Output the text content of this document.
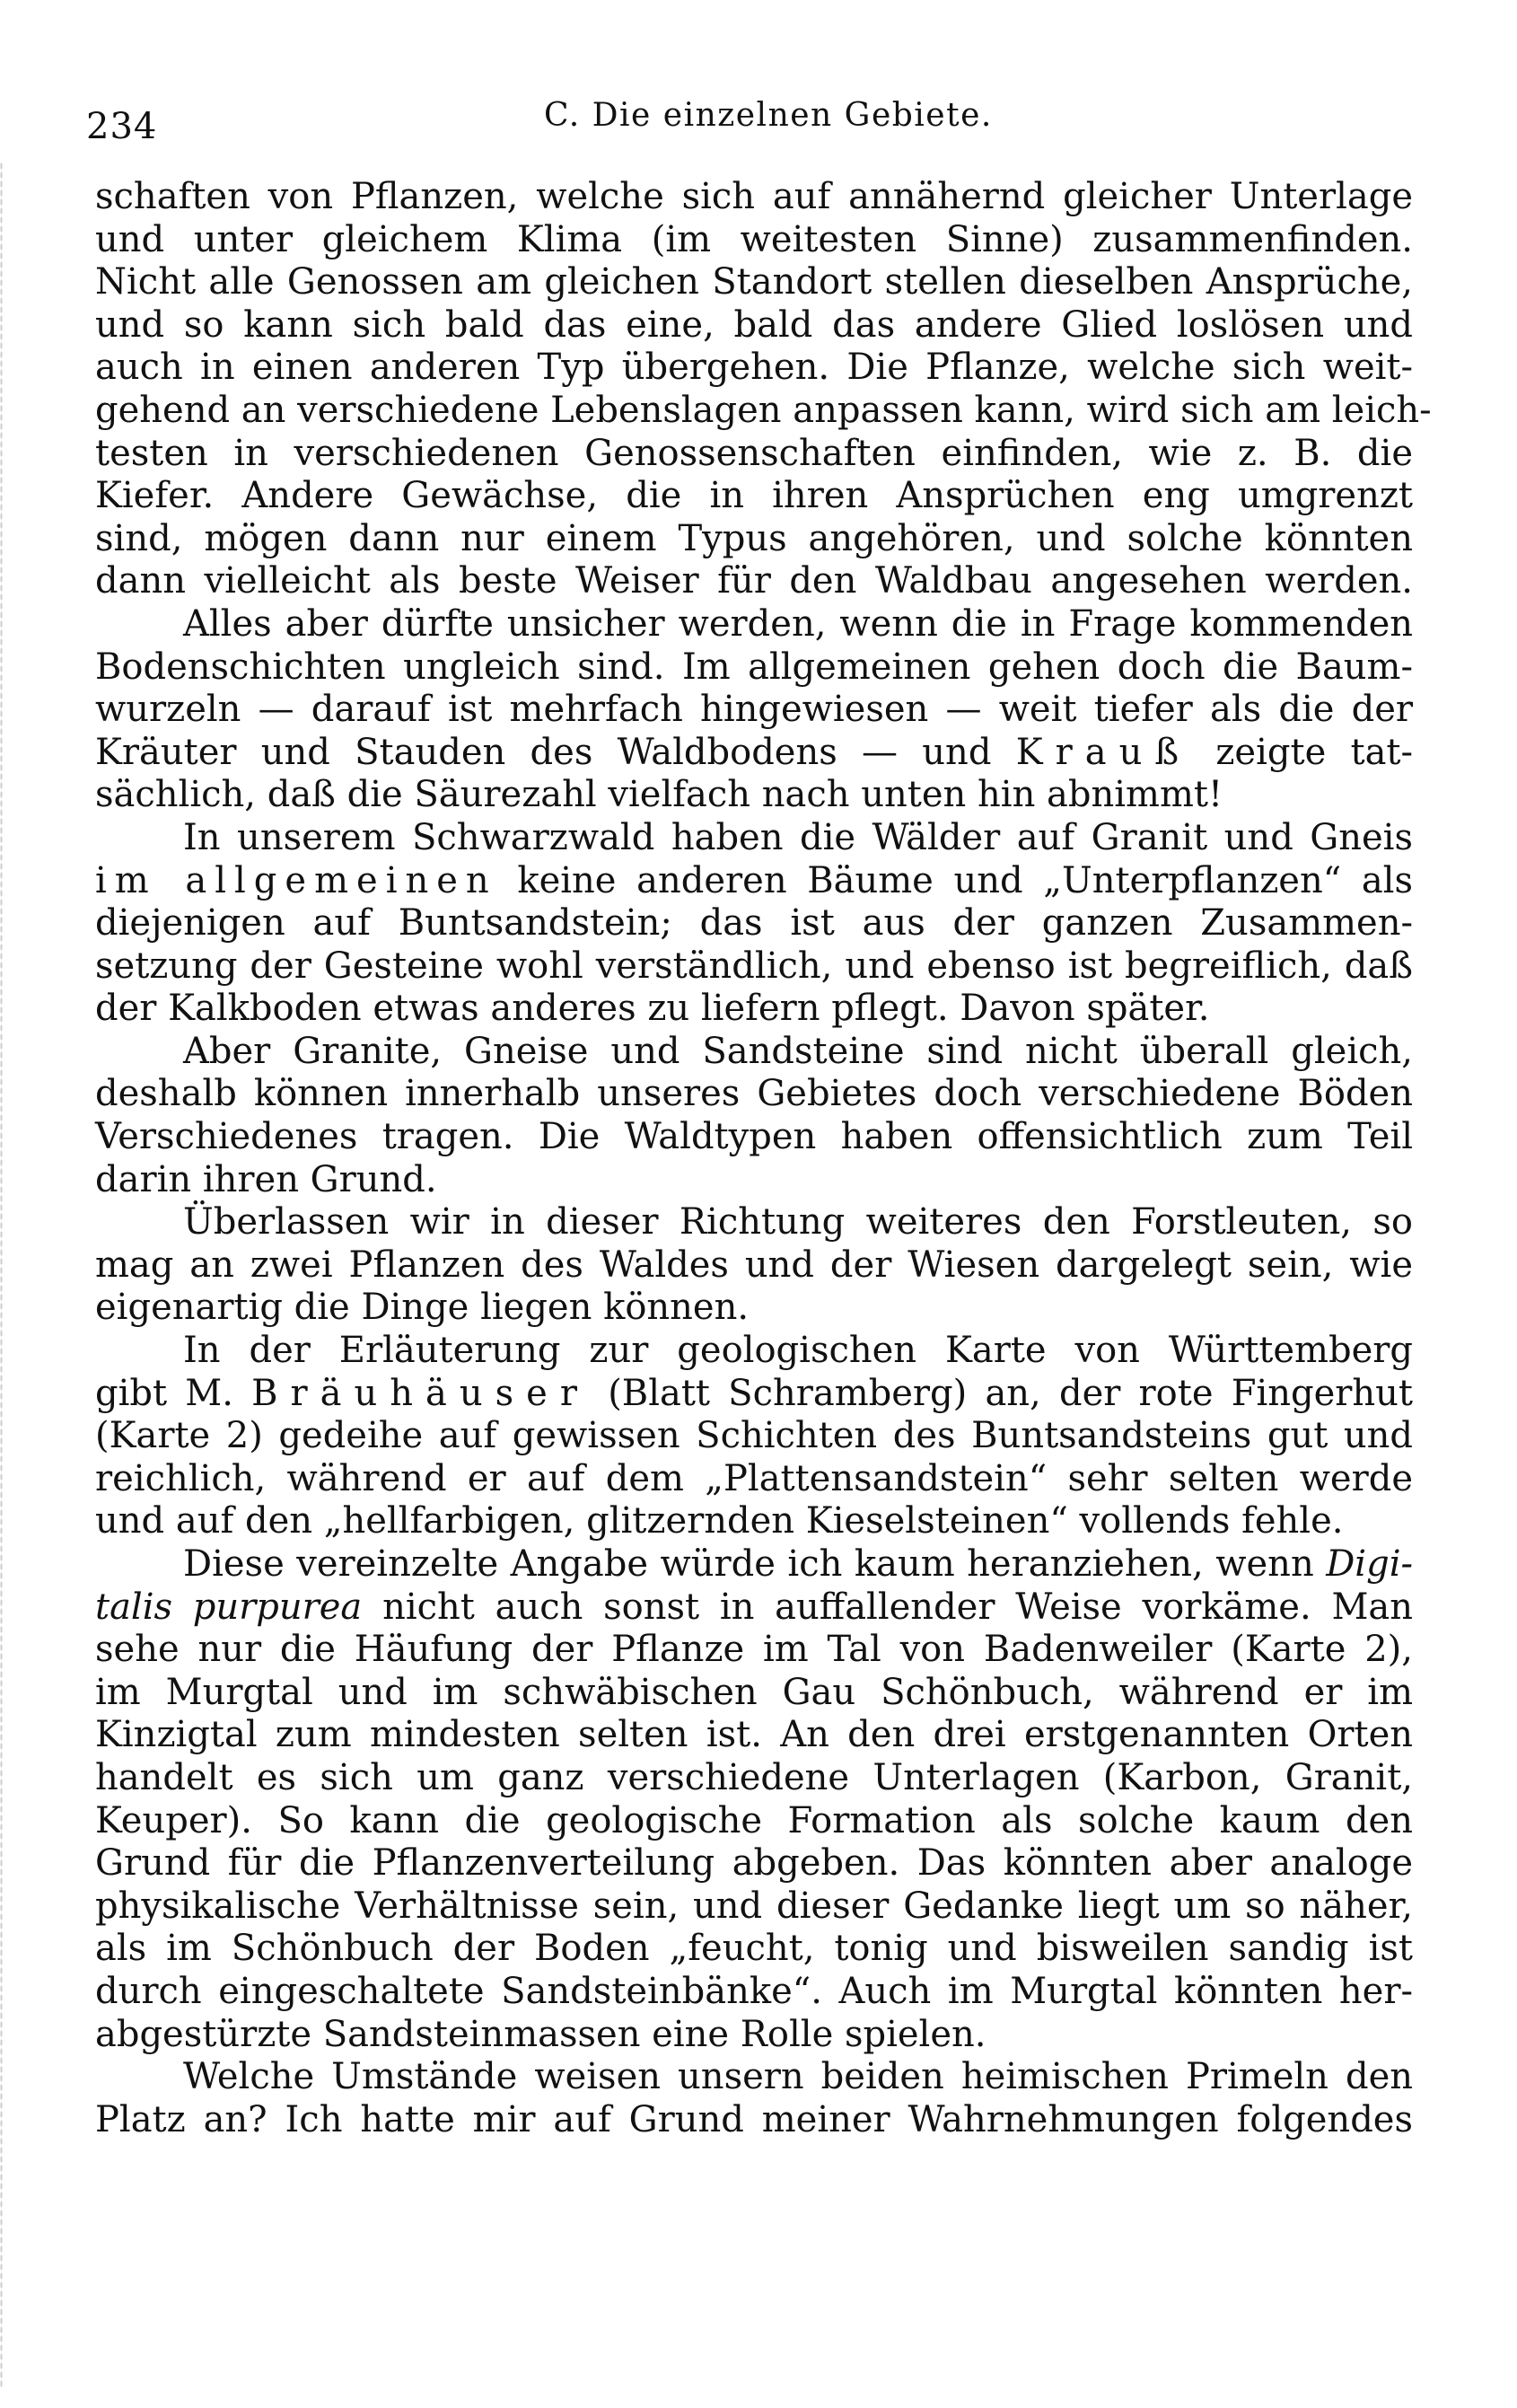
234	C. Die einzelnen Gebiete.
schaften von Pflanzen, welche sich auf annähernd gleicher Unterlage
und unter gleichem Klima (im weitesten Sinne) zusammenfinden.
Nicht alle Genossen am gleichen Standort stellen dieselben Ansprüche,
und so kann sich bald das eine, bald das andere Glied loslösen und
auch in einen anderen Typ übergehen. Die Pflanze, welche sich weit-
gehend an verschiedene Lebenslagen anpassen kann, wird sich am leich-
testen in verschiedenen Genossenschaften einfinden, wie z. B. die
Kiefer. Andere Gewächse, die in ihren Ansprüchen eng umgrenzt
sind, mögen dann nur einem Typus angehören, und solche könnten
dann vielleicht als beste Weiser für den Waldbau angesehen werden.
Alles aber dürfte unsicher werden, wenn die in Frage kommenden
Bodenschichten ungleich sind. Im allgemeinen gehen doch die Baum-
wurzeln — darauf ist mehrfach hingewiesen — weit tiefer als die der
Kräuter und Stauden des Waldbodens — und Krauß zeigte tat-
sächlich, daß die Säurezahl vielfach nach unten hin abnimmt!
In unserem Schwarzwald haben die Wälder auf Granit und Gneis
im allgemeinen keine anderen Bäume und „Unterpflanzen“ als
diejenigen auf Buntsandstein; das ist aus der ganzen Zusammen-
setzung der Gesteine wohl verständlich, und ebenso ist begreiflich, daß
der Kalkboden etwas anderes zu liefern pflegt. Davon später.
Aber Granite, Gneise und Sandsteine sind nicht überall gleich,
deshalb können innerhalb unseres Gebietes doch verschiedene Böden
Verschiedenes tragen. Die Waldtypen haben offensichtlich zum Teil
darin ihren Grund.
Überlassen wir in dieser Richtung weiteres den Forstleuten, so
mag an zwei Pflanzen des Waldes und der Wiesen dargelegt sein, wie
eigenartig die Dinge liegen können.
In der Erläuterung zur geologischen Karte von Württemberg
gibt M. Bräuhäuser (Blatt Schramberg) an, der rote Fingerhut
(Karte 2) gedeihe auf gewissen Schichten des Buntsandsteins gut und
reichlich, während er auf dem „Plattensandstein“ sehr selten werde
und auf den „hellfarbigen, glitzernden Kieselsteinen“ vollends fehle.
Diese vereinzelte Angabe würde ich kaum heranziehen, wenn Digi-
talis purpurea nicht auch sonst in auffallender Weise vorkäme. Man
sehe nur die Häufung der Pflanze im Tal von Badenweiler (Karte 2),
im Murgtal und im schwäbischen Gau Schönbuch, während er im
Kinzigtal zum mindesten selten ist. An den drei erstgenannten Orten
handelt es sich um ganz verschiedene Unterlagen (Karbon, Granit,
Keuper). So kann die geologische Formation als solche kaum den
Grund für die Pflanzenverteilung abgeben. Das könnten aber analoge
physikalische Verhältnisse sein, und dieser Gedanke liegt um so näher,
als im Schönbuch der Boden „feucht, tonig und bisweilen sandig ist
durch eingeschaltete Sandsteinbänke“. Auch im Murgtal könnten her-
abgestürzte Sandsteinmassen eine Rolle spielen.
Welche Umstände weisen unsern beiden heimischen Primeln den
Platz an? Ich hatte mir auf Grund meiner Wahrnehmungen folgendes
